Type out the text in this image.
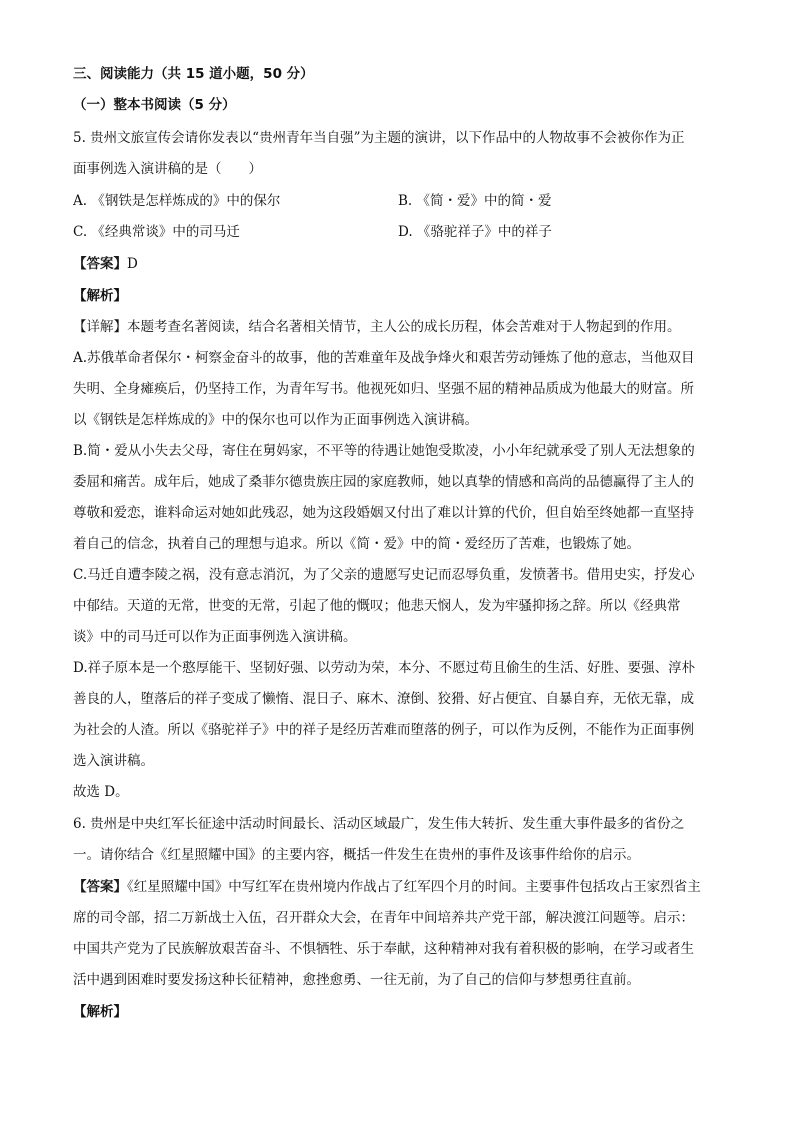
三、阅读能力（共 15 道小题，50 分）
（一）整本书阅读（5 分）
5. 贵州文旅宣传会请你发表以“贵州青年当自强”为主题的演讲，以下作品中的人物故事不会被你作为正
面事例选入演讲稿的是（　　）
A. 《钢铁是怎样炼成的》中的保尔	B. 《简・爱》中的简・爱
C. 《经典常谈》中的司马迁	D. 《骆驼祥子》中的祥子
【答案】D
【解析】
【详解】本题考查名著阅读，结合名著相关情节，主人公的成长历程，体会苦难对于人物起到的作用。
A.苏俄革命者保尔・柯察金奋斗的故事，他的苦难童年及战争烽火和艰苦劳动锤炼了他的意志，当他双目
失明、全身瘫痪后，仍坚持工作，为青年写书。他视死如归、坚强不屈的精神品质成为他最大的财富。所
以《钢铁是怎样炼成的》中的保尔也可以作为正面事例选入演讲稿。
B.简・爱从小失去父母，寄住在舅妈家，不平等的待遇让她饱受欺凌，小小年纪就承受了别人无法想象的
委屈和痛苦。成年后，她成了桑菲尔德贵族庄园的家庭教师，她以真挚的情感和高尚的品德赢得了主人的
尊敬和爱恋，谁料命运对她如此残忍，她为这段婚姻又付出了难以计算的代价，但自始至终她都一直坚持
着自己的信念，执着自己的理想与追求。所以《简・爱》中的简・爱经历了苦难，也锻炼了她。
C.马迁自遭李陵之祸，没有意志消沉，为了父亲的遗愿写史记而忍辱负重，发愤著书。借用史实，抒发心
中郁结。天道的无常，世变的无常，引起了他的慨叹；他悲天悯人，发为牢骚抑扬之辞。所以《经典常
谈》中的司马迁可以作为正面事例选入演讲稿。
D.祥子原本是一个憨厚能干、坚韧好强、以劳动为荣，本分、不愿过苟且偷生的生活、好胜、要强、淳朴
善良的人，堕落后的祥子变成了懒惰、混日子、麻木、潦倒、狡猾、好占便宜、自暴自弃，无依无靠，成
为社会的人渣。所以《骆驼祥子》中的祥子是经历苦难而堕落的例子，可以作为反例，不能作为正面事例
选入演讲稿。
故选 D。
6. 贵州是中央红军长征途中活动时间最长、活动区域最广，发生伟大转折、发生重大事件最多的省份之
一。请你结合《红星照耀中国》的主要内容，概括一件发生在贵州的事件及该事件给你的启示。
【答案】《红星照耀中国》中写红军在贵州境内作战占了红军四个月的时间。主要事件包括攻占王家烈省主
席的司令部，招二万新战士入伍，召开群众大会，在青年中间培养共产党干部，解决渡江问题等。启示：
中国共产党为了民族解放艰苦奋斗、不惧牺牲、乐于奉献，这种精神对我有着积极的影响，在学习或者生
活中遇到困难时要发扬这种长征精神，愈挫愈勇、一往无前，为了自己的信仰与梦想勇往直前。
【解析】
